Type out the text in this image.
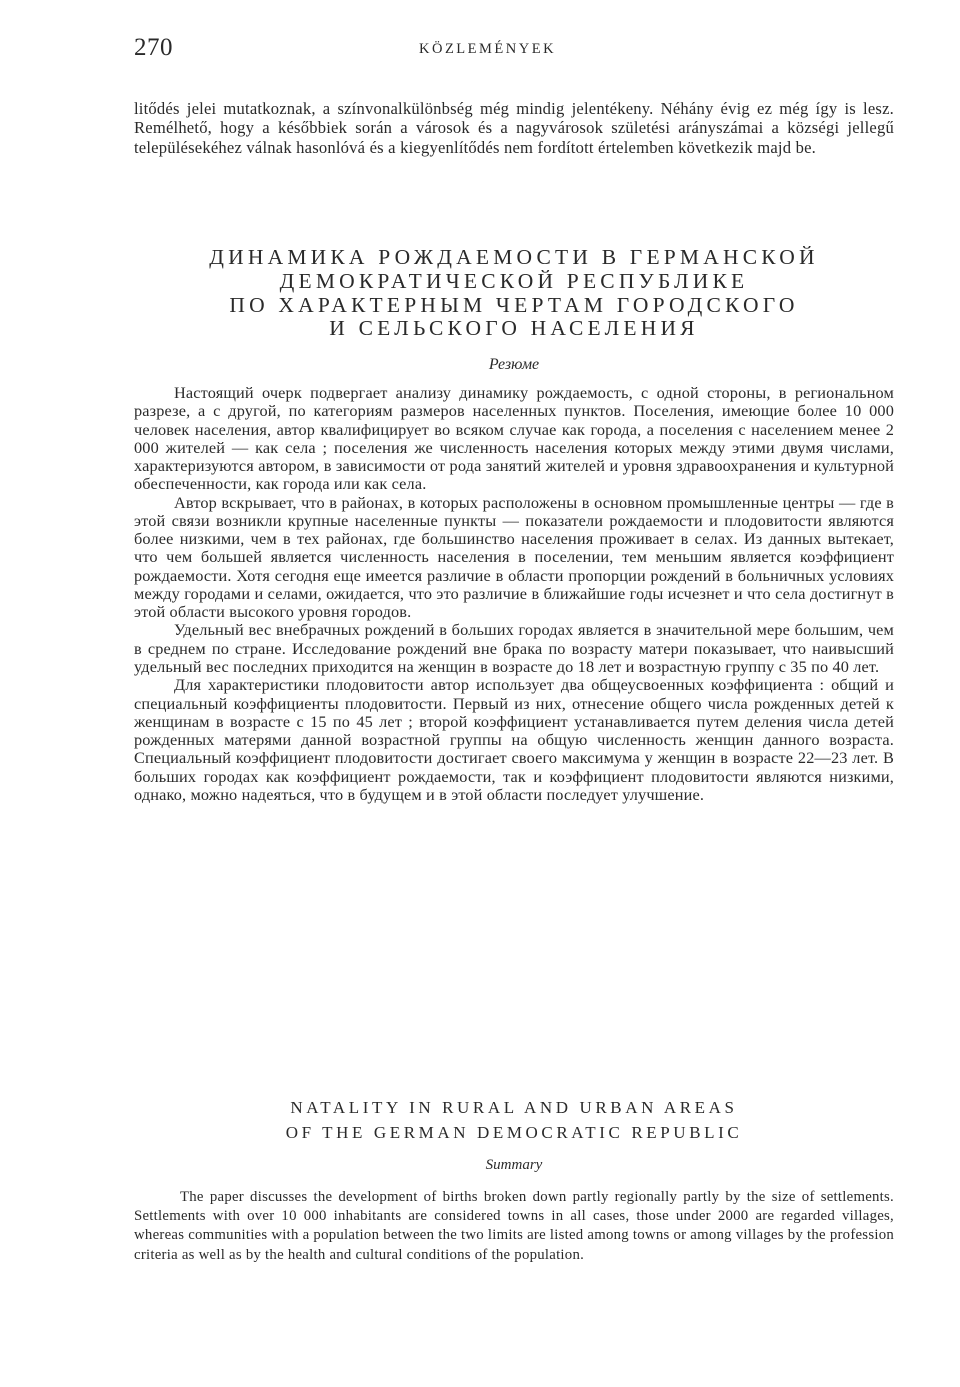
270	KÖZLEMÉNYEK

litődés jelei mutatkoznak, a színvonalkülönbség még mindig jelentékeny. Néhány évig ez még így is lesz. Remélhető, hogy a későbbiek során a városok és a nagyvárosok születési arányszámai a községi jellegű településekéhez válnak hasonlóvá és a kiegyenlítődés nem fordított értelemben következik majd be.

ДИНАМИКА РОЖДАЕМОСТИ В ГЕРМАНСКОЙ
ДЕМОКРАТИЧЕСКОЙ РЕСПУБЛИКЕ
ПО ХАРАКТЕРНЫМ ЧЕРТАМ ГОРОДСКОГО
И СЕЛЬСКОГО НАСЕЛЕНИЯ
Резюме

Настоящий очерк подвергает анализу динамику рождаемость, с одной стороны, в региональном разрезе, а с другой, по категориям размеров населенных пунктов. Поселения, имеющие более 10 000 человек населения, автор квалифицирует во всяком случае как города, а поселения с населением менее 2 000 жителей — как села ; поселения же численность населения которых между этими двумя числами, характеризуются автором, в зависимости от рода занятий жителей и уровня здравоохранения и культурной обеспеченности, как города или как села.

Автор вскрывает, что в районах, в которых расположены в основном промышленные центры — где в этой связи возникли крупные населенные пункты — показатели рождаемости и плодовитости являются более низкими, чем в тех районах, где большинство населения проживает в селах. Из данных вытекает, что чем большей является численность населения в поселении, тем меньшим является коэффициент рождаемости. Хотя сегодня еще имеется различие в области пропорции рождений в больничных условиях между городами и селами, ожидается, что это различие в ближайшие годы исчезнет и что села достигнут в этой области высокого уровня городов.

Удельный вес внебрачных рождений в больших городах является в значительной мере большим, чем в среднем по стране. Исследование рождений вне брака по возрасту матери показывает, что наивысший удельный вес последних приходится на женщин в возрасте до 18 лет и возрастную группу с 35 по 40 лет.

Для характеристики плодовитости автор использует два общеусвоенных коэффициента : общий и специальный коэффициенты плодовитости. Первый из них, отнесение общего числа рожденных детей к женщинам в возрасте с 15 по 45 лет ; второй коэффициент устанавливается путем деления числа детей рожденных матерями данной возрастной группы на общую численность женщин данного возраста. Специальный коэффициент плодовитости достигает своего максимума у женщин в возрасте 22—23 лет. В больших городах как коэффициент рождаемости, так и коэффициент плодовитости являются низкими, однако, можно надеяться, что в будущем и в этой области последует улучшение.

NATALITY IN RURAL AND URBAN AREAS
OF THE GERMAN DEMOCRATIC REPUBLIC
Summary

The paper discusses the development of births broken down partly regionally partly by the size of settlements. Settlements with over 10 000 inhabitants are considered towns in all cases, those under 2000 are regarded villages, whereas communities with a population between the two limits are listed among towns or among villages by the profession criteria as well as by the health and cultural conditions of the population.
